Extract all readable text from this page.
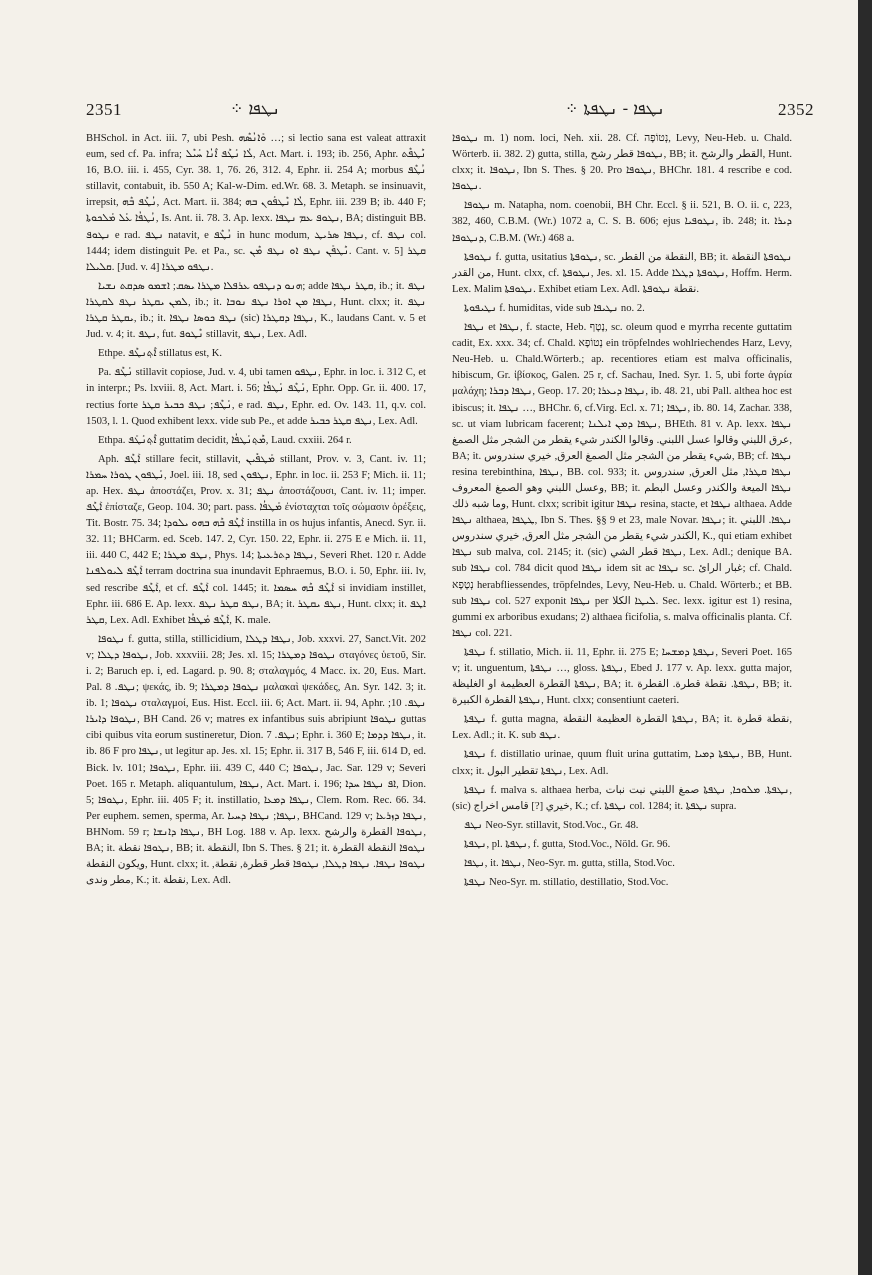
2351	ܢܛܦܐ ⁘	ܢܛܦܐ - ܢܛܦܬܐ ⁘	2352

BHSchol. in Act. iii. 7, ubi Pesh. ܘܰܐܢܳܣܶܗ …; si lectio sana est valeat attraxit eum, sed cf. Pa. infra; ܠܳܐ ܢܰܛܶܦ ܐܶܢܳܐ ܚܰܝܶܠ, Act. Mart. i. 193; ib. 256, Aphr. ܢܶܛܦܶܬ 16, B.O. iii. i. 455, Cyr. 38. 1, 76. 26, 312. 4, Ephr. ii. 254 A; morbus ܢܳܛܶܦ stillavit, contabuit, ib. 550 A; Kal-w-Dim. ed.Wr. 68. 3. Metaph. se insinuavit, irrepsit, ܢܳܛܶܦ ܒܶܗ, Act. Mart. ii. 384; ܠܳܐ ܢܶܛܦܰܘܢ ܒܗ, Ephr. iii. 239 B; ib. 440 F; ܢܳܛܦܳܐ ܥܰܠ ܡܰܠܟܘܬܐ, Is. Ant. ii. 78. 3. Ap. lexx. ܢܛܘܦ ܥܡ ܢܛܦܐ, BA; distinguit BB. ܢܛܘܦ e rad. ܢܛܦ natavit, e ܢܳܛܶܦ in hunc modum, ܢܛܦܐ ܣܪܝܛ, cf. ܢܛܦ col. 1444; idem distinguit Pe. et Pa., sc. ܢܶܛܦܰܢ ܢܛܦ ܐܘ ܢܛܦ ܡܶܢ. Cant. v. 5] ܩܛܪ ܩܠܝܠܐ. [Jud. v. 4] ܢܛܦܘ ܡܛܪܐ.

ܗܢܘ ܕܢܛܦܘ ܥܪܦܠܐ ܡܛܪܐ ܝܣܩ; ܐܫܡܘ ܣܕܩܬ ܢܫܝܐ; adde ܩܛܪ ܢܛܦܐ, ib.; it. ܢܛܦ ܠܡܢ ܝܩܛܪ ܢܛܦ ܠܩܛܪܐ, ib.; it. ܢܛܦܐ ܡܢ ܐܘܪܐ ܢܛܦ ܢܘܒܐ, Hunt. clxx; it. ܢܛܦ ܝܩܛܪ ܩܛܪܐ, ib.; it. ܢܛܦ ܟܘܣܐ ܢܛܦܐ (sic) ܢܛܦܐ ܕܩܛܪܐ, K., laudans Cant. v. 5 et Jud. v. 4; it. ܢܛܦ, fut. ܢܶܛܘܦ stillavit, ܢܛܦ, Lex. Adl.

Ethpe. ܐܶܬ݂ܢܛܶܦ stillatus est, K.

Pa. ܢܰܛܶܦ stillavit copiose, Jud. v. 4, ubi tamen ܢܛܦܘ, Ephr. in loc. i. 312 C, et in interpr.; Ps. lxviii. 8, Act. Mart. i. 56; ܢܰܛܶܦ ܢܰܛܦܳܐ, Ephr. Opp. Gr. ii. 400. 17, rectius forte ܢܰܛܶܦ; ܢܛܦ ܟܒܝܪ ܩܛܪ, e rad. ܢܛܦ, Ephr. ed. Ov. 143. 11, q.v. col. 1503, l. 1. Quod exhibent lexx. vide sub Pe., et adde ܢܛܦ ܩܛܪ ܟܒܝܪ, Lex. Adl.

Ethpa. ܐܶܬ݂ܢܰܛܰܦ guttatim decidit, ܡܶܬ݂ܢܰܛܦܳܐ, Laud. cxxiii. 264 r.

Aph. ܐܰܛܶܦ stillare fecit, stillavit, ܡܰܛܦܺܝܢ stillant, Prov. v. 3, Cant. iv. 11; ܢܰܛܦܘܢ ܛܘܪܐ ܚܡܪܐ, Joel. iii. 18, sed ܢܛܦܘܢ, Ephr. in loc. ii. 253 F; Mich. ii. 11; ap. Hex. ܢܛܦ ἀποστάζει, Prov. x. 31; ܢܛܦ ἀποστάζουσι, Cant. iv. 11; imper. ܐܰܛܶܦ ἐπίσταζε, Geop. 104. 30; part. pass. ܡܰܛܦܳܐ ἐνίσταχται τοῖς σώμασιν ὀρέξεις, Tit. Bostr. 75. 34; ܐܰܛܶܦ ܒܶܗ ܒܗܘ ܝܠܘܕܐ instilla in os hujus infantis, Anecd. Syr. ii. 32. 11; BHCarm. ed. Sceb. 147. 2, Cyr. 150. 22, Ephr. ii. 275 E e Mich. ii. 11, iii. 440 C, 442 E; ܢܛܦ ܡܛܪܐ, Phys. 14; ܢܛܦܐ ܕܬܪܥܝܬܐ, Severi Rhet. 120 r. Adde ܐܰܛܶܦ ܠܝܘܠܦܢܐ terram doctrina sua inundavit Ephraemus, B.O. i. 50, Ephr. iii. lv, sed rescribe ܐܰܛܶܦ, et cf. ܐܰܛܶܦ col. 1445; it. ܐܰܛܶܦ ܒܶܗ ܚܣܡܐ si invidiam instillet, Ephr. iii. 686 E. Ap. lexx. ܢܛܦ ܩܛܪ ܢܛܦ, BA; it. ܢܛܦ ܝܩܛܪ, Hunt. clxx; it. ܐܛܦ ܩܛܪ, Lex. Adl. Exhibet ܐܰܛܶܦ ܡܰܛܦܳܐ, K. male.

ܢܛܘܦܐ f. gutta, stilla, stillicidium, ܢܛܦܐ ܕܛܠܐ, Job. xxxvi. 27, Sanct.Vit. 202 v; ܢܛܘܦܐ ܕܛܠܐ, Job. xxxviii. 28; Jes. xl. 15; ܢܛܘܦܐ ܕܡܛܪܐ σταγόνες ὑετοῦ, Sir. i. 2; Baruch ep. i, ed. Lagard. p. 90. 8; σταλαγμός, 4 Macc. ix. 20, Eus. Mart. Pal. ܢܛܦ. 8; ψεκάς, ib. 9; ܢܛܘܦܐ ܕܡܛܪܐ μαλακαὶ ψεκάδες, An. Syr. 142. 3; it. ib. 1; ܢܛܘܦܐ σταλαγμοί, Eus. Hist. Eccl. iii. 6; Act. Mart. ii. 94, Aphr. ܢܛܦ. 10; ܢܛܘܦܐ ܕܐܝܪܐ, BH Cand. 26 v; matres ex infantibus suis abripiunt ܢܛܘܦܐ guttas cibi quibus vita eorum sustineretur, Dion. ܢܛܦ. 7; Ephr. i. 360 E; ܢܛܦܐ ܕܕܡܐ, it. ib. 86 F pro ܢܛܦܐ, ut legitur ap. Jes. xl. 15; Ephr. ii. 317 B, 546 F, iii. 614 D, ed. Bick. lv. 101; ܢܛܘܦܐ, Ephr. iii. 439 C, 440 C; ܢܛܘܦܐ, Jac. Sar. 129 v; Severi Poet. 165 r. Metaph. aliquantulum, ܢܛܦܐ, Act. Mart. i. 196; ܐܦ ܢܛܦܐ ܚܕܐ, Dion. 5; ܢܛܘܦܐ, Ephr. iii. 405 F; it. instillatio, ܢܛܦܐ ܕܡܥܐ, Clem. Rom. Rec. 66. 34. Per euphem. semen, sperma, Ar. ܢܛܦܐ; ܢܛܦܐ ܕܚܝܐ, BHCand. 129 v; ܢܛܦܐ ܕܙܪܥܐ, BHNom. 59 r; ܢܛܦܐ ܕܐܢܫܐ, BH Log. 188 v. Ap. lexx. ܢܛܘܦܐ القطرة والرشح, BA; it. ܢܛܘܦܐ نقطة, BB; it. النقطة, Ibn S. Thes. § 21; it. ܢܛܘܦܐ النقطة القطرة ويكون النقطة, Hunt. clxx; it. ܢܛܘܦܐ ܢܛܦܐ. ܢܛܦܐ ܕܛܠܐ, ܢܛܘܦܐ قطر قطرة, نقطة, مطر وندى, K.; it. نقطة, Lex. Adl.

ܢܛܘܦܐ m. 1) nom. loci, Neh. xii. 28. Cf. נְטוֹפָה, Levy, Neu-Heb. u. Chald. Wörterb. ii. 382. 2) gutta, stilla, ܢܛܘܦܐ قطر رشح, BB; it. القطر والرشح, Hunt. clxx; it. ܢܛܘܦܐ, Ibn S. Thes. § 20. Pro ܢܛܘܦܐ, BHChr. 181. 4 rescribe e cod. ܢܛܘܦܐ.

ܢܛܘܦܐ m. Natapha, nom. coenobii, BH Chr. Eccl. § ii. 521, B. O. ii. c, 223, 382, 460, C.B.M. (Wr.) 1072 a, C. S. B. 606; ejus ܢܛܘܦܝܐ, ib. 248; it. ܕܝܪܐ ܕܢܛܘܦܐ, C.B.M. (Wr.) 468 a.

ܢܛܘܦܬܐ f. gutta, usitatius ܢܛܘܦܬܐ, sc. النقطة من القطر, BB; it. ܢܛܘܦܬܐ النقطة من القدر, Hunt. clxx, cf. ܢܛܘܦܬܐ, Jes. xl. 15. Adde ܢܛܘܦܬܐ ܕܛܠܐ, Hoffm. Herm. Lex. Malim ܢܛܘܦܬܐ. Exhibet etiam Lex. Adl. نقطة ܢܛܘܦܬܐ.

ܢܛܝܦܘܬܐ f. humiditas, vide sub ܢܛܝܦܐ no. 2.

ܢܛܦܐ et ܢܛܦܐ, f. stacte, Heb. נָטָף, sc. oleum quod e myrrha recente guttatim cadit, Ex. xxx. 34; cf. Chald. נְטוֹפָא ein tröpfelndes wohlriechendes Harz, Levy, Neu-Heb. u. Chald.Wörterb.; ap. recentiores etiam est malva officinalis, hibiscum, Gr. ἰβίσκος, Galen. 25 r, cf. Sachau, Ined. Syr. 1. 5, ubi forte ἀγρία μαλάχη; ܢܛܦܐ ܕܒܪܐ, Geop. 17. 20; ܢܛܦܐ ܕܝܥܪܐ, ib. 48. 21, ubi Pall. althea hoc est ibiscus; it. ܢܛܦܐ …, BHChr. 6, cf.Virg. Ecl. x. 71; ܢܛܦܐ, ib. 80. 14, Zachar. 338, sc. ut viam lubricam facerent; ܢܛܦܐ ܕܡܢ ܐܝܠܢܐ, BHEth. 81 v. Ap. lexx. ܢܛܦܐ عرق اللبني وقالوا عسل اللبني. وقالوا الكندر شيء يقطر من الشجر مثل الصمغ, BA; it. شيء يقطر من الشجر مثل الصمغ العرق, خيري سندروس, BB; cf. ܢܛܦܐ resina terebinthina, ܢܛܦܐ, BB. col. 933; it. ܢܛܦܐ ܩܛܪܐ, مثل العرق, سندروس وعسل اللبني وهو الصمغ المعروف, BB; it. ܢܛܦܐ الميعة والكندر وعسل البطم وما شبه ذلك, Hunt. clxx; scribit igitur ܢܛܦܐ resina, stacte, et ܢܛܦܐ althaea. Adde ܢܛܦܐ althaea, ܛܛܦܐ, Ibn S. Thes. §§ 9 et 23, male Novar. ܢܛܦܐ; it. ܢܛܦܐ. اللبني الكندر شيء يقطر من الشجر مثل العرق, خيري سندروس, K., qui etiam exhibet ܢܛܦܐ sub malva, col. 2145; it. (sic) ܢܛܦܐ قطر الشي, Lex. Adl.; denique BA. sub ܢܛܦܐ col. 784 dicit quod ܢܛܦܐ idem sit ac ܢܛܦܐ sc. غبار الرائ; cf. Chald. נְטָפָא herabfliessendes, tröpfelndes, Levy, Neu-Heb. u. Chald. Wörterb.; et BB. sub ܢܛܦܐ col. 527 exponit ܢܛܦܐ per ܠܝܛܐ الكلا. Sec. lexx. igitur est 1) resina, gummi ex arboribus exudans; 2) althaea ficifolia, s. malva officinalis planta. Cf. ܢܛܦܐ col. 221.

ܢܛܦܬܐ f. stillatio, Mich. ii. 11, Ephr. ii. 275 E; ܢܛܦܬܐ ܕܡܫܚܐ, Severi Poet. 165 v; it. unguentum, ܢܛܦܬܐ …, gloss. ܢܛܦܬܐ, Ebed J. 177 v. Ap. lexx. gutta major, ܢܛܦܬܐ القطرة العظيمة او الغليظة, BA; it. ܢܛܦܬܐ. نقطة قطرة. القطرة, BB; it. ܢܛܦܬܐ القطرة الكبيرة, Hunt. clxx; consentiunt caeteri.

ܢܛܦܬܐ f. gutta magna, ܢܛܦܬܐ القطرة العظيمة النقطة, BA; it. نقطة قطرة, Lex. Adl.; it. K. sub ܢܛܦ.

ܢܛܦܬܐ f. distillatio urinae, quum fluit urina guttatim, ܢܛܦܬܐ ܕܡܝܐ, BB, Hunt. clxx; it. ܢܛܦܬܐ تقطير البول, Lex. Adl.

ܢܛܦܬܐ f. malva s. althaea herba, ܢܛܦܬܐ. ܡܠܘܟܐ, ܢܛܦܬܐ صمغ اللبني نبت نبات, (sic) خيري [?] قامس اخراج, K.; cf. ܢܛܦܬܐ col. 1284; it. ܢܛܦܬܐ supra.

ܢܛܦ Neo-Syr. stillavit, Stod.Voc., Gr. 48.

ܢܛܦܬܐ, pl. ܢܛܦܬܐ, f. gutta, Stod.Voc., Nöld. Gr. 96.

ܢܛܦܐ, it. ܢܛܦܐ, Neo-Syr. m. gutta, stilla, Stod.Voc.

ܢܛܦܬܐ Neo-Syr. m. stillatio, destillatio, Stod.Voc.
